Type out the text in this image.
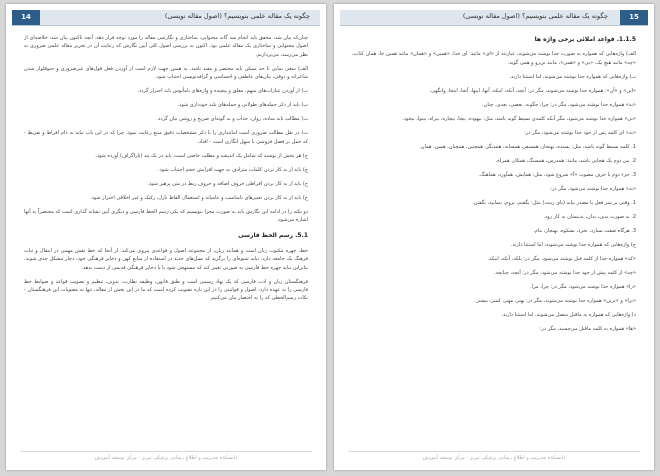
14	چگونه یک مقاله علمی بنویسیم؟ (اصول مقاله نویسی)

چنان‌که بیان شد، محقق باید انجام سه گانه محتوایی، ساختاری و نگارشی مقاله را مورد توجه قرار دهد. آنچه تاکنون بیان شد، خلاصه‌ای از اصول محتوایی و ساختاری یک مقاله علمی بود. اکنون به بررسی اصول کلی آیین نگارش که رعایت آن در تحریر مقاله علمی ضروری به نظر می‌رسد، می‌پردازیم.

الف) سعی نمایی تا حد ممکن باید مختصر و مفید باشد. به همین جهت لازم است از آوردن فعل قول‌های غیرضروری و حیوقلوار شدن شاعرانه و ذوقی، بیان‌های عاطفی و احساسی و گزافه‌نویسی اجتناب شود.

ب) از آوردن عبارات‌های مبهم، مغلق و پیچیده و واژه‌های نامأنوس باید احتراز گردد.

پ) باید از ذکر جمله‌های طولانی و جمله‌های بلند خودداری شود.

ت) مطالب باید ساده، روان، جذاب و به گونه‌ای صریح و روشن بیان گردد.

ث) در نقل مطالب ضروری است امانتداری را با ذکر مشخصات دقیق منبع رعایت نمود، چرا که در این باب نباید به دام افراط و تفریط - که حمل بر فضل فروشی یا سهل انگاری است - افتاد.

ج) هر بخش از نوشته که شامل یک اندیشه و مطلب خاصی است، باید در یک بند (پاراگراف) آورده شود.

چ) باید از به کار بردن کلمات مترادف به جهت افزایش حجم اجتناب شود.

ح) باید از به کار بردن افراطی حروف اضافه و حروف ربط در متن پرهیز شود.

خ) باید از به کار بردن تعبیرهای نامناسب و عامیانه و استعمال الفاظ نازل، رکیک و غیر اخلاقی احتراز شود.

دو نکته را در ادامه این نگارش باید به صورت مجزا بنویسیم که یکی رسم الخط فارسی و دیگری آیین نشانه گذاری است که مختصراً به آنها اشاره می‌شود.

5.1. رسم الخط فارسی

خط، چهره مکتوب زبان است و همانند زبان، از مجموعه اصول و قواعدی پیروی می‌کند. از آنجا که خط نقش مهمی در انتقال و ثبات فرهنگ یک جامعه دارد، نباید شیوه‌ای را برگزید که نسل‌های جدید در استفاده از منابع کهن و ذخایر فرهنگی خود، دچار مشکل جدی شوند. بنابراین نباید چهره خط فارسی به صورتی تغییر کند که مستهجن شود یا با ذخایر فرهنگی قدیمی از دست بدهد.

فرهنگستان زبان و ادب فارسی که یک نهاد رسمی است و طبق قانون، وظیفه نظارت، تدوین، تنظیم و تصویب قواعد و ضوابط خط فارسی را به عهده دارد، اصول و قوانینی را در این باره تصویب کرده است که ما در این بخش از مقاله، تنها به مصوبات این فرهنگستان - نکات رسم‌الخطی که را به اختصار بیان می‌کنیم.

دانشکده مدیریت و اطلاع رسانی پزشکی تبریز - مرکز توسعه آموزش
15
چگونه یک مقاله علمی بنویسیم؟ (اصول مقاله نویسی)
1.1.5. قواعد املائی برخی واژه ها

الف) واژه‌هایی که همواره به صورت جدا نوشته می‌شوند، عبارتند از «ای» مانند: ای خدا، «همین» و «همان» مانند همین جا، همان کتاب، «چه» مانند هیچ یک، «بی» و «همی»، مانند بی‌رو و همی گوید.

ب) واژه‌هایی که همواره جدا نوشته می‌شوند، اما استثنا دارند.

«این» و «آن»: همواره جدا نوشته می‌شوند، مگر در: آنچه، آنکه، اینکه، آنها، اینها، آنجا، اینجا، وانگهی.

«به» همواره جدا نوشته می‌شود، مگر در: چرا، چگونه، بعضی، بعدی، چنان.

«بی» همواره جدا نوشته می‌شود، مگر آنکه کلمه‌ی بسیط گونه باشد، مثل: بیهوده، بیجا، بیچاره، بیراه، بینوا، بیخود.

«به» ای کلمه پس از خود جدا نوشته می‌شود، مگر در:

1. کلمه بسیط گونه باشد، مثل: بسنده، بهنجار، همسفر، همسایه، همدیگر، همچنین، همچنان، همین، همان.

2. بین دوم یک هجایی باشد، مانند: همدرس، همسنگ، همکار، همراه.

3. جزء دوم با حرف مصوت «آ» شروع شود، مثل: همایش، همآورد، هماهنگ.

«به» همواره جدا نوشته می‌شود، مگر در:

1. وقتی بر سر فعل یا مصدر بیاید (بای زینت) مثل: بگفتم، بروم، بنمایید، بگفتن.

2. به صورت بدین، بدان، بدینسان به کار رود.

3. هرگاه صفت بسازد، بخرد، بشکوه، بهنجار، بنام.

ج) واژه‌هایی که همواره جدا نوشته می‌شوند، اما استثنا دارند.

«که» همواره جدا از کلمه قبل نوشته می‌شود، مگر در: بلکه، آنکه، اینکه.

«چه» از کلمه پیش از خود جدا نوشته می‌شود، مگر در: آنچه، چنانچه.

«را» همواره جدا نوشته می‌شود، مگر در: چرا، مرا.

«ترا» و «ترین» همواره جدا نوشته می‌شوند، مگر در: بهتر، مهتر، کمتر، بیشتر.

د) واژه‌هایی که همواره به ماقبل متصل می‌شوند، اما استثنا دارند.

«ها» همواره به کلمه ماقبل می‌چسبد، مگر در:

دانشکده مدیریت و اطلاع رسانی پزشکی تبریز - مرکز توسعه آموزش
